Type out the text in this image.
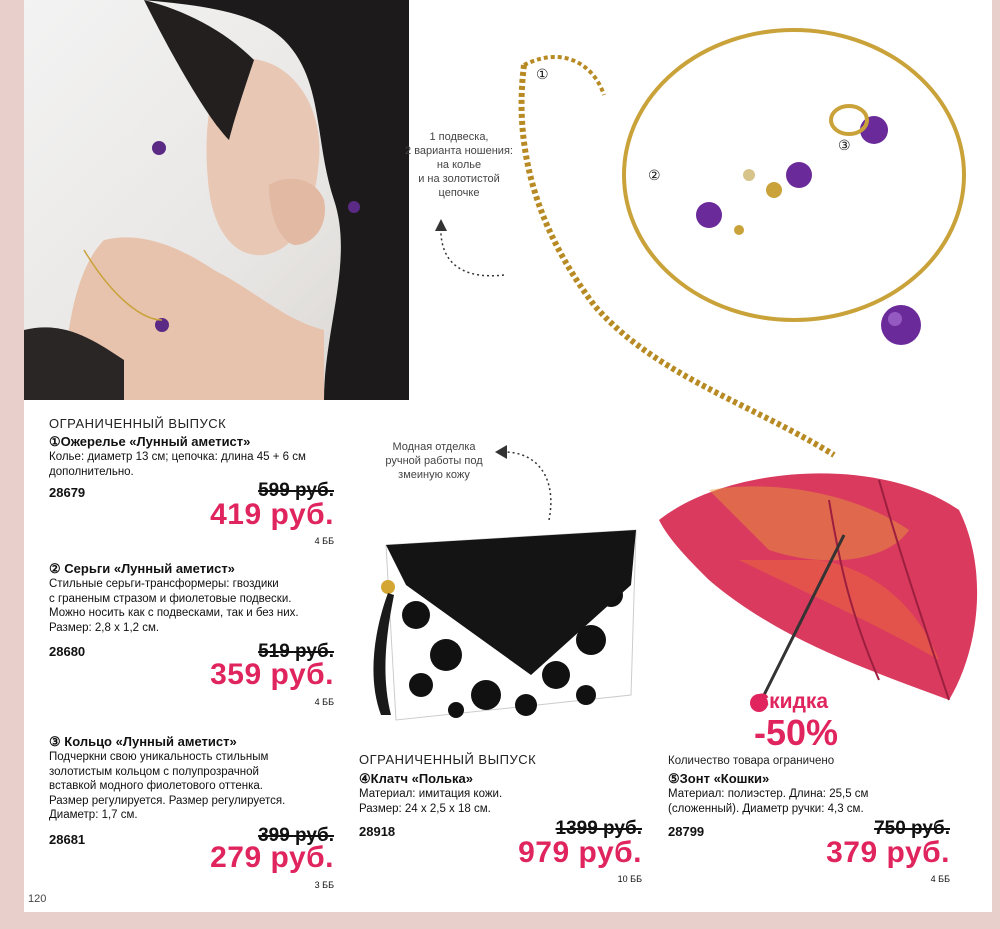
①
②
③
⑤
1 подвеска,
2 варианта ношения:
на колье
и на золотистой
цепочке
Модная отделка
ручной работы под
змеиную кожу
ОГРАНИЧЕННЫЙ ВЫПУСК
①Ожерелье «Лунный аметист»
Колье: диаметр 13 см; цепочка: длина 45 + 6 см
дополнительно.
28679	599 руб.
419 руб.
4 ББ
② Серьги «Лунный аметист»
Стильные серьги-трансформеры: гвоздики
с граненым стразом и фиолетовые подвески.
Можно носить как с подвесками, так и без них.
Размер: 2,8 х 1,2 см.
28680	519 руб.
359 руб.
4 ББ
③ Кольцо «Лунный аметист»
Подчеркни свою уникальность стильным
золотистым кольцом с полупрозрачной
вставкой модного фиолетового оттенка.
Размер регулируется. Размер регулируется.
Диаметр: 1,7 см.
28681	399 руб.
279 руб.
3 ББ
ОГРАНИЧЕННЫЙ ВЫПУСК
④Клатч «Полька»
Материал: имитация кожи.
Размер: 24 х 2,5 х 18 см.
28918	1399 руб.
979 руб.
10 ББ
Скидка
-50%
Количество товара ограничено
⑤Зонт «Кошки»
Материал: полиэстер. Длина: 25,5 см
(сложенный). Диаметр ручки: 4,3 см.
28799	750 руб.
379 руб.
4 ББ
120
